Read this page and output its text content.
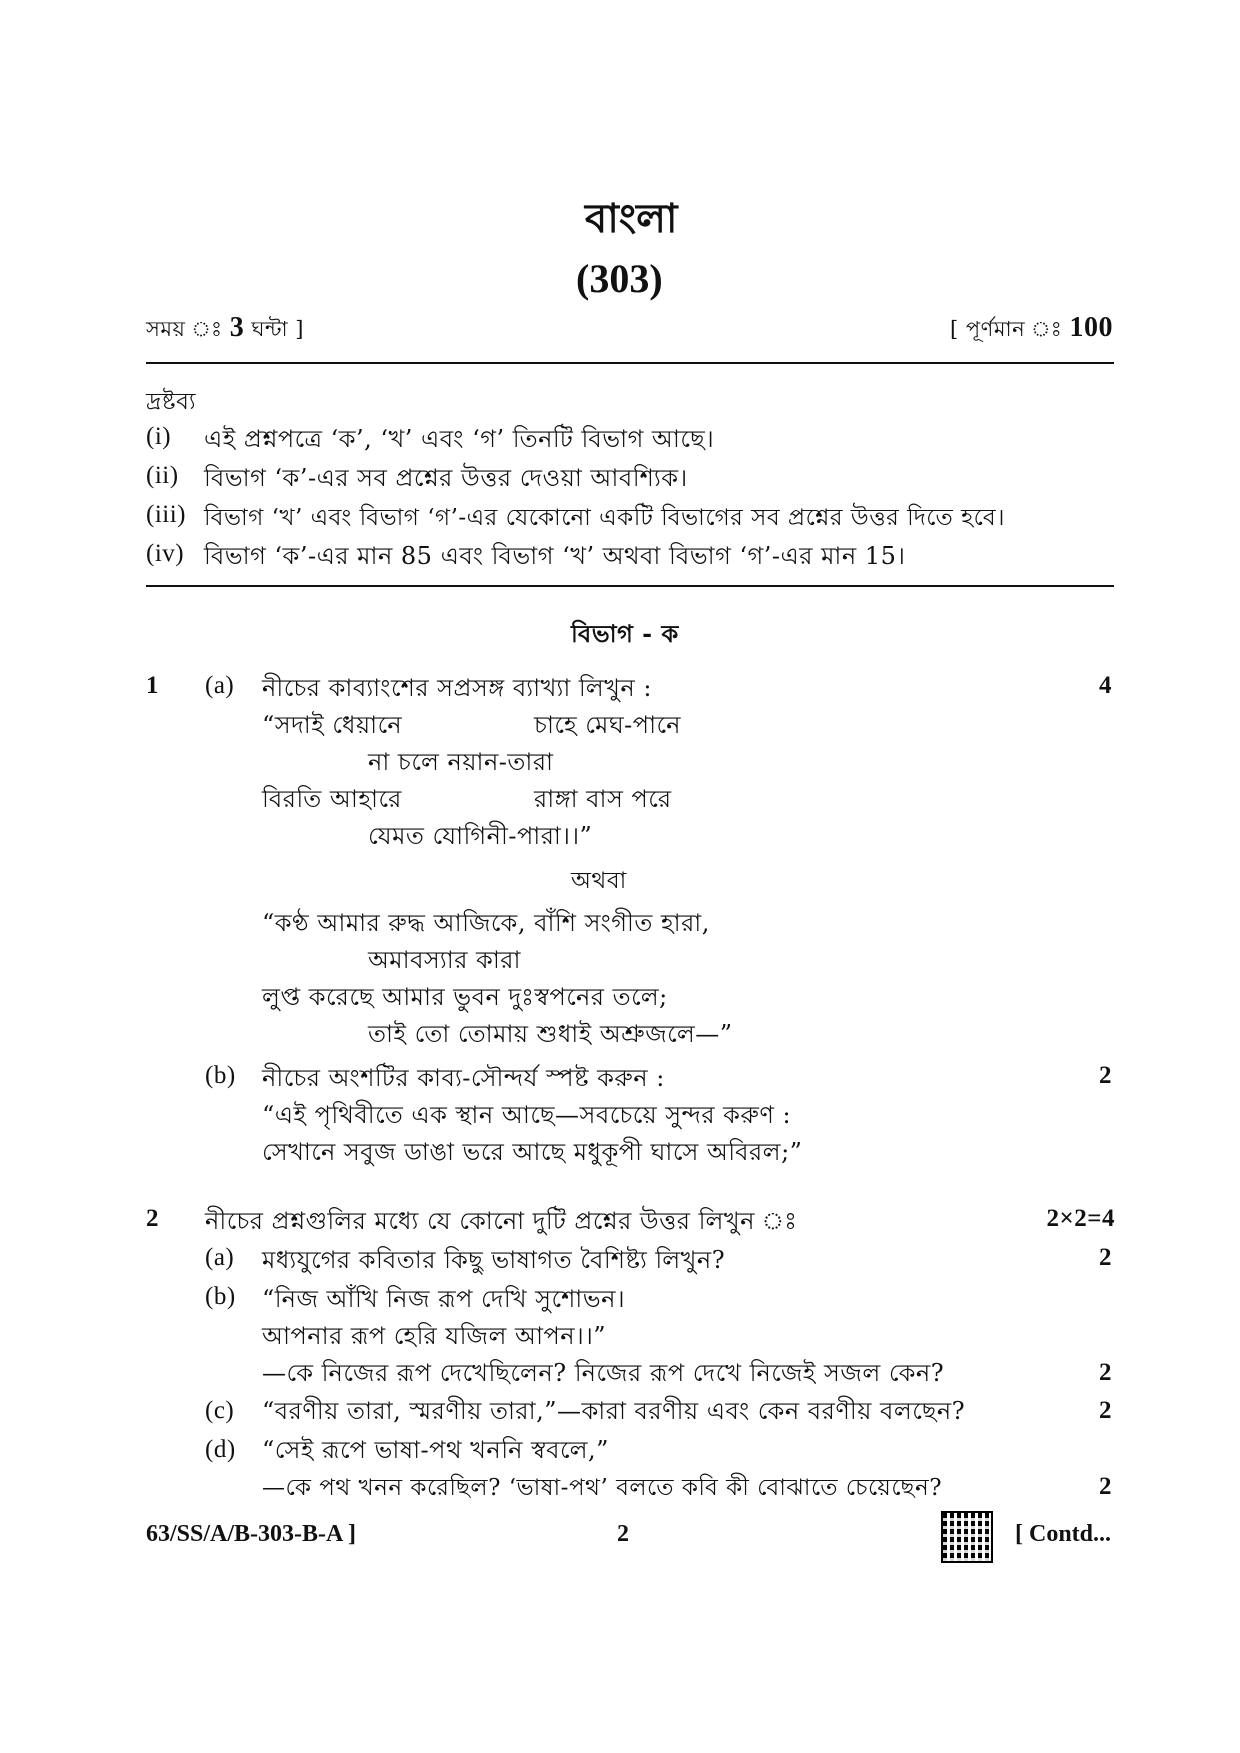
বাংলা
(303)
সময় ঃ 3 ঘন্টা ]	[ পূর্ণমান ঃ 100
দ্রষ্টব্য
(i) এই প্রশ্নপত্রে ‘ক’, ‘খ’ এবং ‘গ’ তিনটি বিভাগ আছে।
(ii) বিভাগ ‘ক’-এর সব প্রশ্নের উত্তর দেওয়া আবশ্যিক।
(iii) বিভাগ ‘খ’ এবং বিভাগ ‘গ’-এর যেকোনো একটি বিভাগের সব প্রশ্নের উত্তর দিতে হবে।
(iv) বিভাগ ‘ক’-এর মান 85 এবং বিভাগ ‘খ’ অথবা বিভাগ ‘গ’-এর মান 15।
বিভাগ - ক
1 (a) নীচের কাব্যাংশের সপ্রসঙ্গ ব্যাখ্যা লিখুন :	4
“সদাই ধেয়ানে	চাহে মেঘ-পানে
না চলে নয়ান-তারা
বিরতি আহারে	রাঙ্গা বাস পরে
যেমত যোগিনী-পারা।।”
অথবা
“কণ্ঠ আমার রুদ্ধ আজিকে, বাঁশি সংগীত হারা,
অমাবস্যার কারা
লুপ্ত করেছে আমার ভুবন দুঃস্বপনের তলে;
তাই তো তোমায় শুধাই অশ্রুজলে—”
(b) নীচের অংশটির কাব্য-সৌন্দর্য স্পষ্ট করুন :	2
“এই পৃথিবীতে এক স্থান আছে—সবচেয়ে সুন্দর করুণ :
সেখানে সবুজ ডাঙা ভরে আছে মধুকূপী ঘাসে অবিরল;”
2 নীচের প্রশ্নগুলির মধ্যে যে কোনো দুটি প্রশ্নের উত্তর লিখুন ঃ	2×2=4
(a) মধ্যযুগের কবিতার কিছু ভাষাগত বৈশিষ্ট্য লিখুন?	2
(b) “নিজ আঁখি নিজ রূপ দেখি সুশোভন।
আপনার রূপ হেরি যজিল আপন।।”
—কে নিজের রূপ দেখেছিলেন? নিজের রূপ দেখে নিজেই সজল কেন?	2
(c) “বরণীয় তারা, স্মরণীয় তারা,”—কারা বরণীয় এবং কেন বরণীয় বলছেন?	2
(d) “সেই রূপে ভাষা-পথ খননি স্ববলে,”
—কে পথ খনন করেছিল? ‘ভাষা-পথ’ বলতে কবি কী বোঝাতে চেয়েছেন?	2
63/SS/A/B-303-B-A ]	2	[ Contd...
